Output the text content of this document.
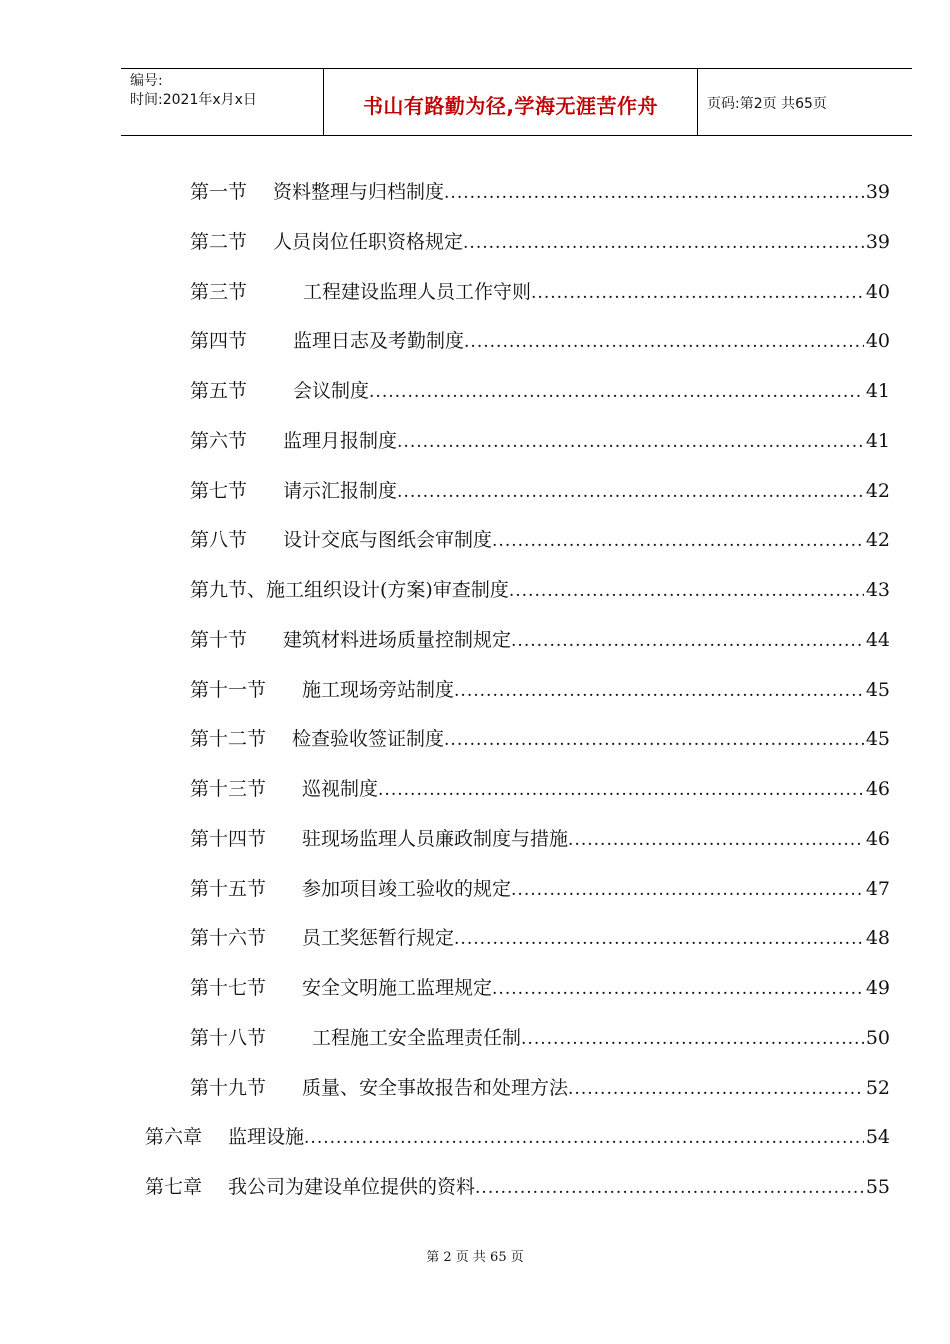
编号:
时间:2021年x月x日	书山有路勤为径,学海无涯苦作舟	页码:第2页 共65页
第一节 资料整理与归档制度 .....	39
第二节 人员岗位任职资格规定 .....	39
第三节	工程建设监理人员工作守则 .....	40
第四节 监理日志及考勤制度 .....	40
第五节 会议制度 .....	41
第六节 监理月报制度 .....	41
第七节 请示汇报制度 .....	42
第八节 设计交底与图纸会审制度 .....	42
第九节、 施工组织设计(方案)审查制度 .....	43
第十节 建筑材料进场质量控制规定 .....	44
第十一节 施工现场旁站制度 .....	45
第十二节 检查验收签证制度 .....	45
第十三节 巡视制度 .....	46
第十四节 驻现场监理人员廉政制度与措施 .....	46
第十五节 参加项目竣工验收的规定 .....	47
第十六节 员工奖惩暂行规定 .....	48
第十七节 安全文明施工监理规定 .....	49
第十八节 工程施工安全监理责任制 .....	50
第十九节 质量、安全事故报告和处理方法 .....	52
第六章 监理设施 .....	54
第七章 我公司为建设单位提供的资料 .....	55
第 2 页 共 65 页
